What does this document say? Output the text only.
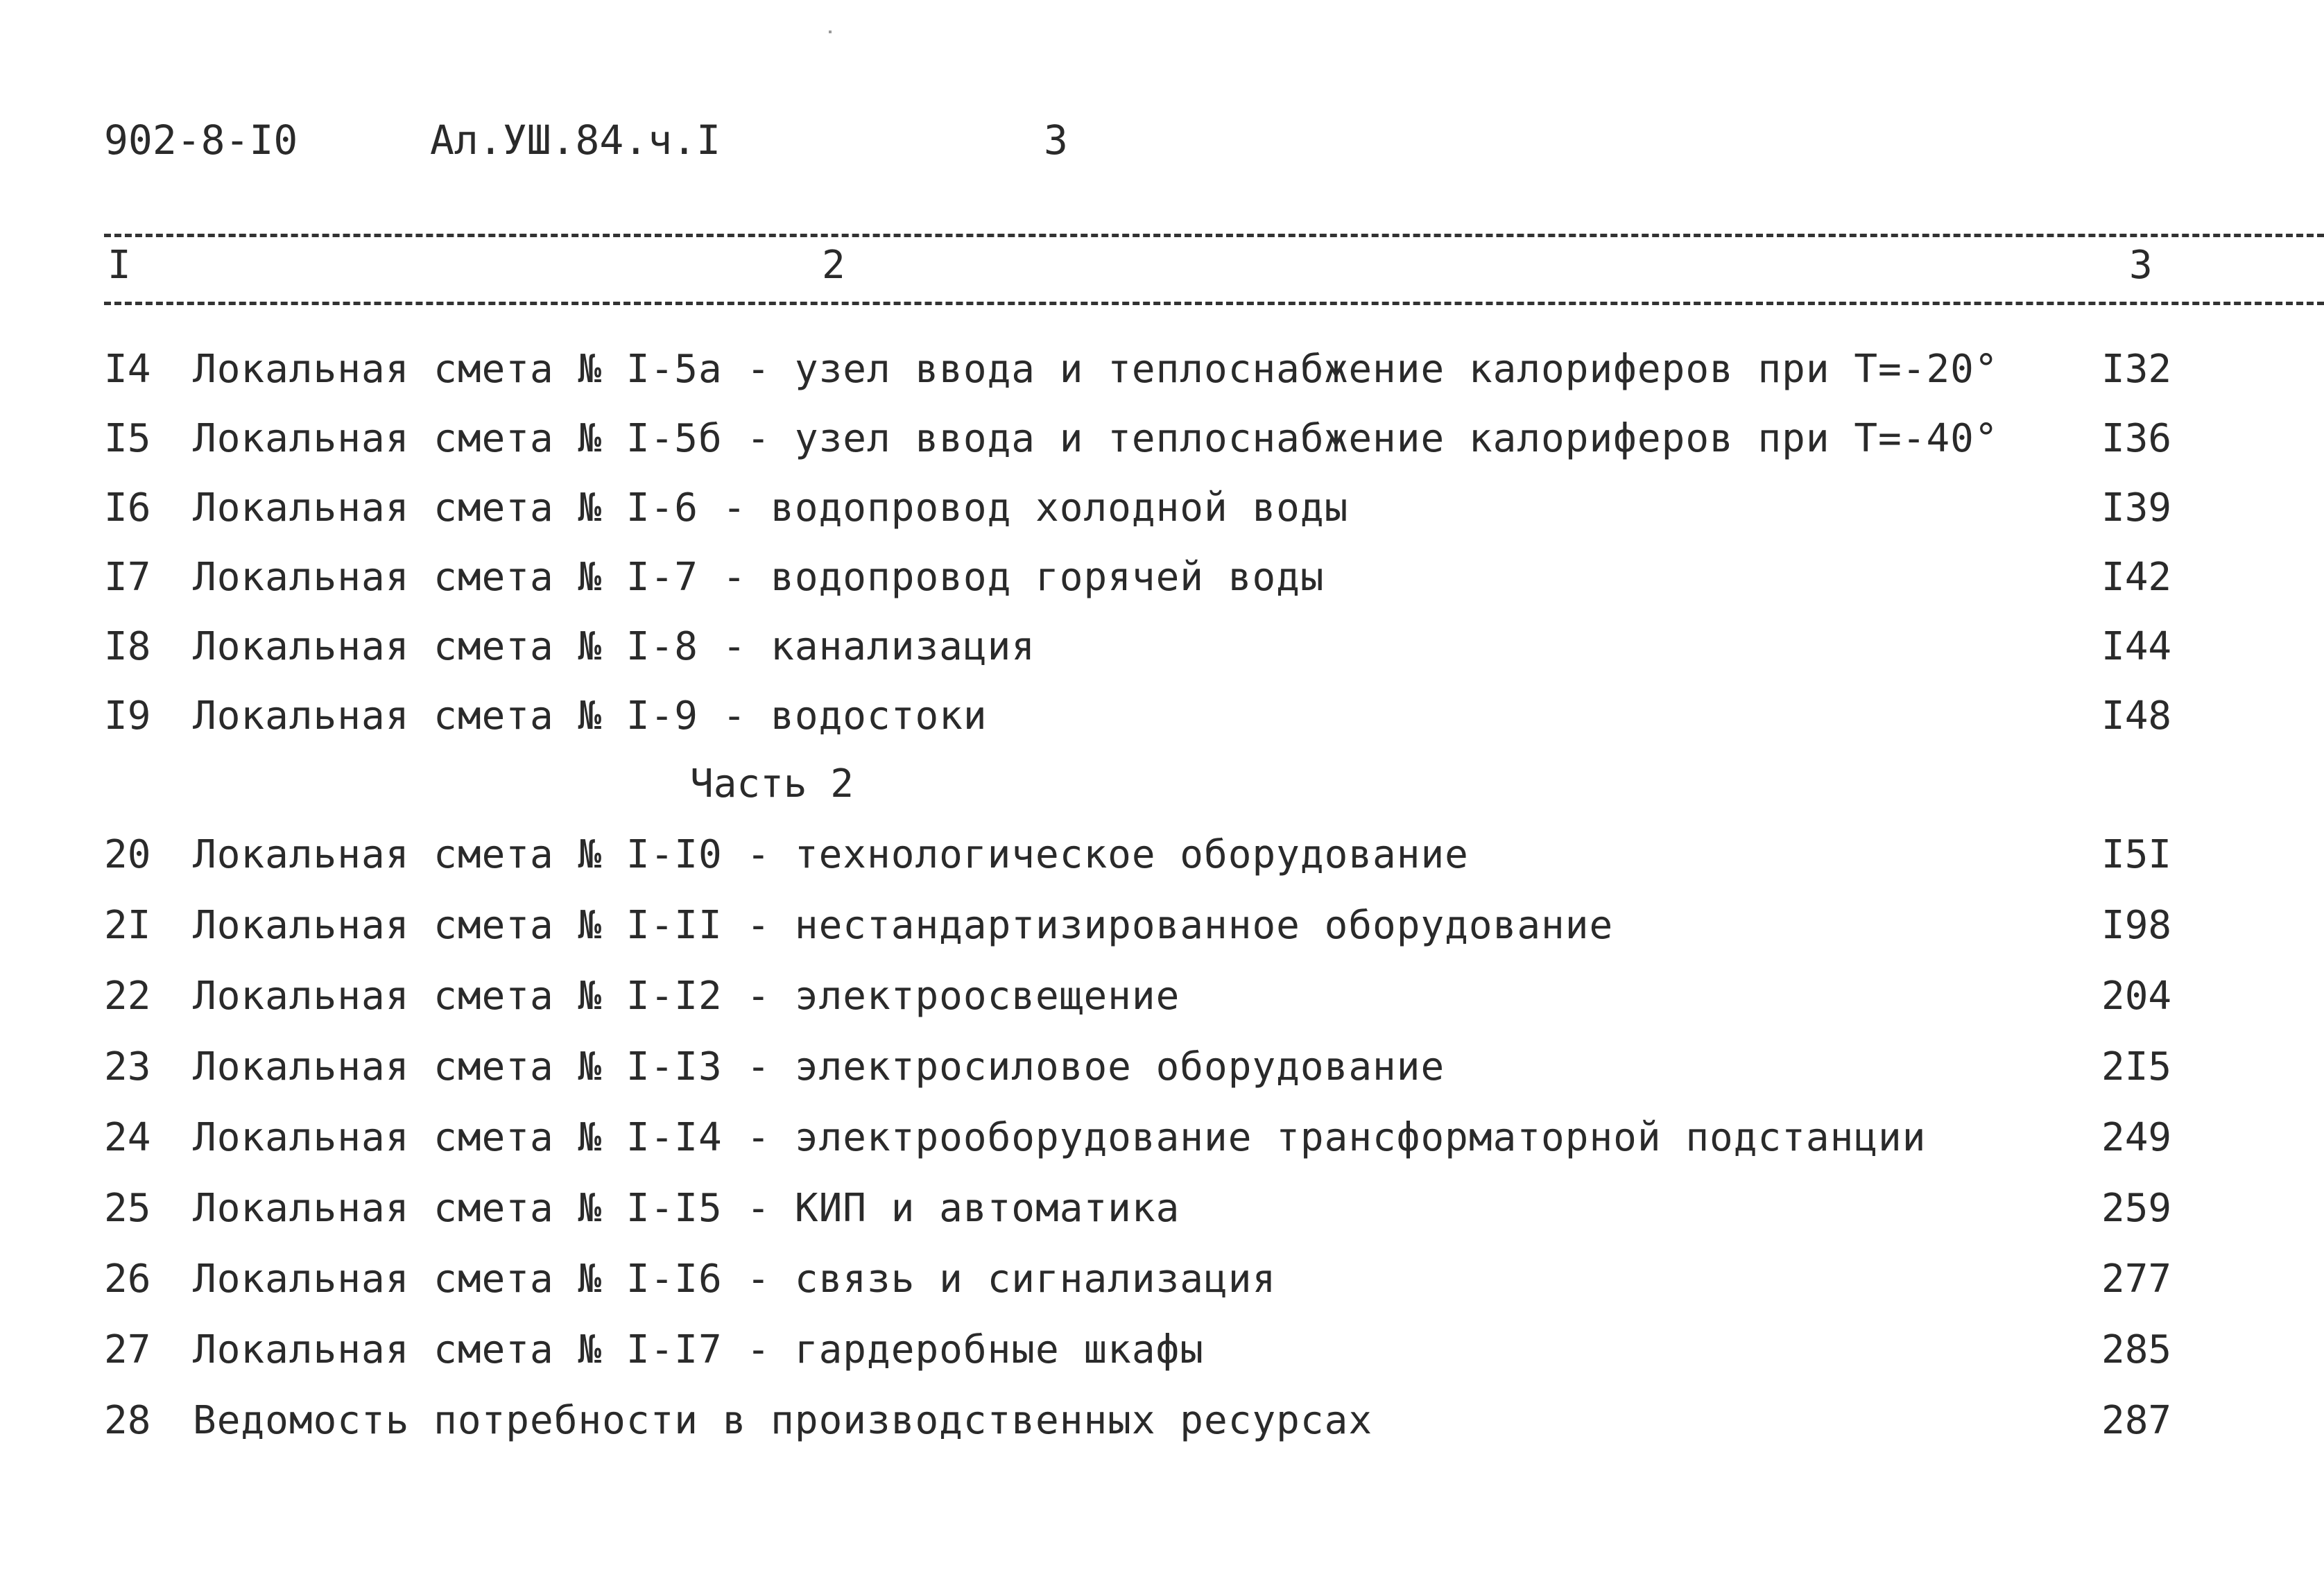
902-8-I0	Ал.УШ.84.ч.I	3
I	2	3
I4 Локальная смета № I-5а - узел ввода и теплоснабжение калориферов при Т=-20°	I32
I5 Локальная смета № I-5б - узел ввода и теплоснабжение калориферов при Т=-40°	I36
I6 Локальная смета № I-6 - водопровод холодной воды	I39
I7 Локальная смета № I-7 - водопровод горячей воды	I42
I8 Локальная смета № I-8 - канализация	I44
I9 Локальная смета № I-9 - водостоки	I48
Часть 2
20 Локальная смета № I-I0 - технологическое оборудование	I5I
2I Локальная смета № I-II - нестандартизированное оборудование	I98
22 Локальная смета № I-I2 - электроосвещение	204
23 Локальная смета № I-I3 - электросиловое оборудование	2I5
24 Локальная смета № I-I4 - электрооборудование трансформаторной подстанции	249
25 Локальная смета № I-I5 - КИП и автоматика	259
26 Локальная смета № I-I6 - связь и сигнализация	277
27 Локальная смета № I-I7 - гардеробные шкафы	285
28 Ведомость потребности в производственных ресурсах	287
